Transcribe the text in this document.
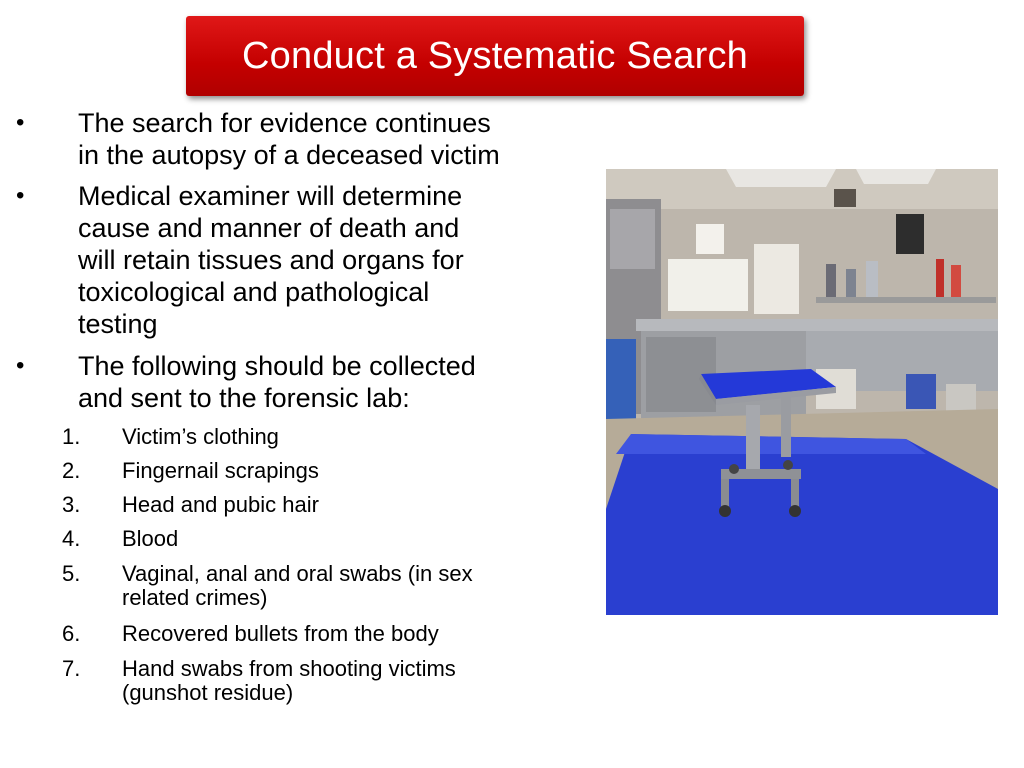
Conduct a Systematic Search
• The search for evidence continues
in the autopsy of a deceased victim
• Medical examiner will determine
cause and manner of death and
will retain tissues and organs for
toxicological and pathological
testing
• The following should be collected
and sent to the forensic lab:
1. Victim’s clothing
2. Fingernail scrapings
3. Head and pubic hair
4. Blood
5. Vaginal, anal and oral swabs (in sex
related crimes)
6. Recovered bullets from the body
7. Hand swabs from shooting victims
(gunshot residue)
